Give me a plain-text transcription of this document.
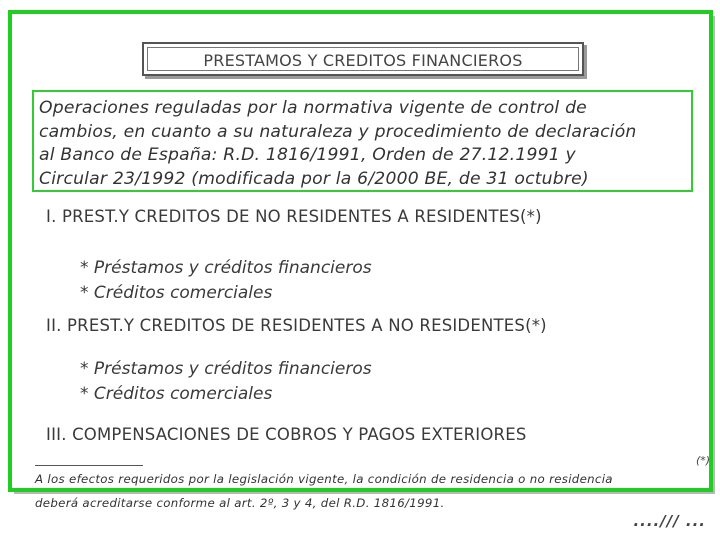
PRESTAMOS Y CREDITOS FINANCIEROS
Operaciones reguladas por la normativa vigente de control de
cambios, en cuanto a su naturaleza y procedimiento de declaración
al Banco de España: R.D. 1816/1991, Orden de 27.12.1991 y
Circular 23/1992 (modificada por la 6/2000 BE, de 31 octubre)
I. PREST.Y CREDITOS DE NO RESIDENTES A RESIDENTES(*)
* Préstamos y créditos financieros
* Créditos comerciales
II. PREST.Y CREDITOS DE RESIDENTES A NO RESIDENTES(*)
* Préstamos y créditos financieros
* Créditos comerciales
III. COMPENSACIONES DE COBROS Y PAGOS EXTERIORES
(*)
A los efectos requeridos por la legislación vigente, la condición de residencia o no residencia
deberá acreditarse conforme al art. 2º, 3 y 4, del R.D. 1816/1991.
..../// ...
